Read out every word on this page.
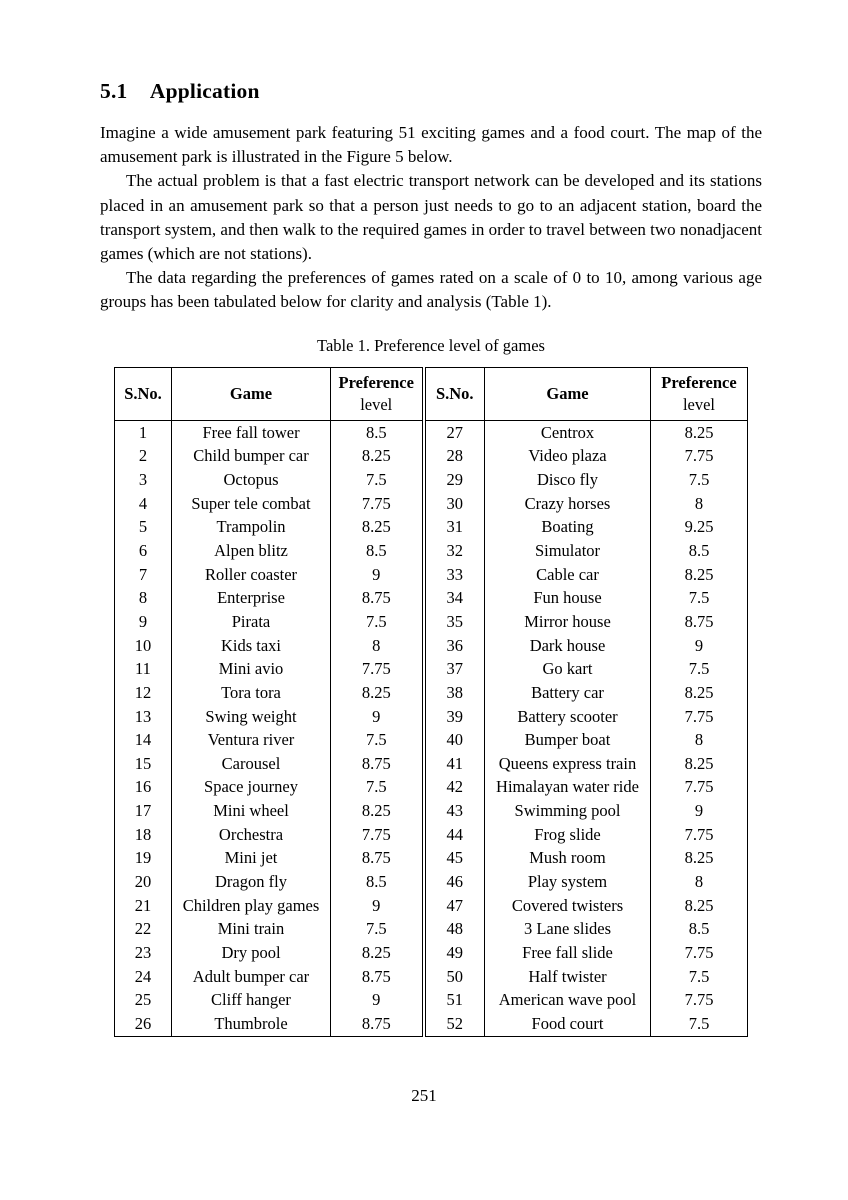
5.1 Application

Imagine a wide amusement park featuring 51 exciting games and a food court. The map of the amusement park is illustrated in the Figure 5 below.

The actual problem is that a fast electric transport network can be developed and its stations placed in an amusement park so that a person just needs to go to an adjacent station, board the transport system, and then walk to the required games in order to travel between two nonadjacent games (which are not stations).

The data regarding the preferences of games rated on a scale of 0 to 10, among various age groups has been tabulated below for clarity and analysis (Table 1).

Table 1. Preference level of games
S.No.	Game	Preference
level	S.No.	Game	Preference
level

1	Free fall tower	8.5	27	Centrox	8.25
2	Child bumper car	8.25	28	Video plaza	7.75
3	Octopus	7.5	29	Disco fly	7.5
4	Super tele combat	7.75	30	Crazy horses	8
5	Trampolin	8.25	31	Boating	9.25
6	Alpen blitz	8.5	32	Simulator	8.5
7	Roller coaster	9	33	Cable car	8.25
8	Enterprise	8.75	34	Fun house	7.5
9	Pirata	7.5	35	Mirror house	8.75
10	Kids taxi	8	36	Dark house	9
11	Mini avio	7.75	37	Go kart	7.5
12	Tora tora	8.25	38	Battery car	8.25
13	Swing weight	9	39	Battery scooter	7.75
14	Ventura river	7.5	40	Bumper boat	8
15	Carousel	8.75	41	Queens express train	8.25
16	Space journey	7.5	42	Himalayan water ride	7.75
17	Mini wheel	8.25	43	Swimming pool	9
18	Orchestra	7.75	44	Frog slide	7.75
19	Mini jet	8.75	45	Mush room	8.25
20	Dragon fly	8.5	46	Play system	8
21	Children play games	9	47	Covered twisters	8.25
22	Mini train	7.5	48	3 Lane slides	8.5
23	Dry pool	8.25	49	Free fall slide	7.75
24	Adult bumper car	8.75	50	Half twister	7.5
25	Cliff hanger	9	51	American wave pool	7.75
26	Thumbrole	8.75	52	Food court	7.5
251
